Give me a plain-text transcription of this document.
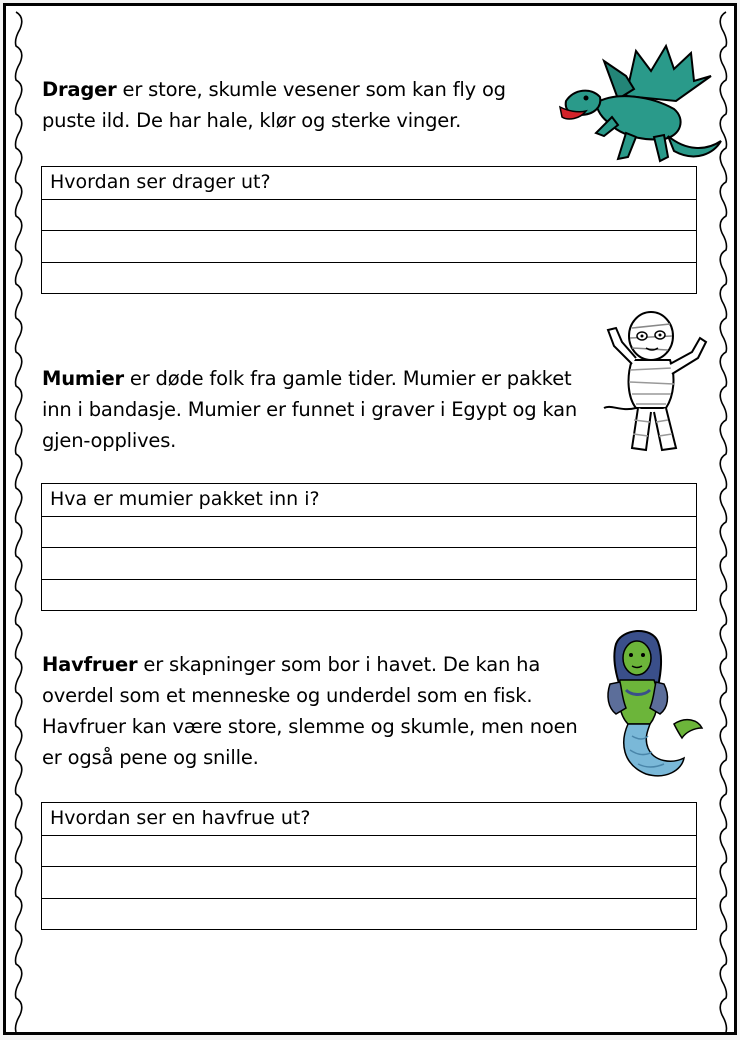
Drager er store, skumle vesener som kan fly og puste ild. De har hale, klør og sterke vinger.

Hvordan ser drager ut?

Mumier er døde folk fra gamle tider. Mumier er pakket inn i bandasje. Mumier er funnet i graver i Egypt og kan gjen-opplives.

Hva er mumier pakket inn i?

Havfruer er skapninger som bor i havet. De kan ha overdel som et menneske og underdel som en fisk. Havfruer kan være store, slemme og skumle, men noen er også pene og snille.

Hvordan ser en havfrue ut?
